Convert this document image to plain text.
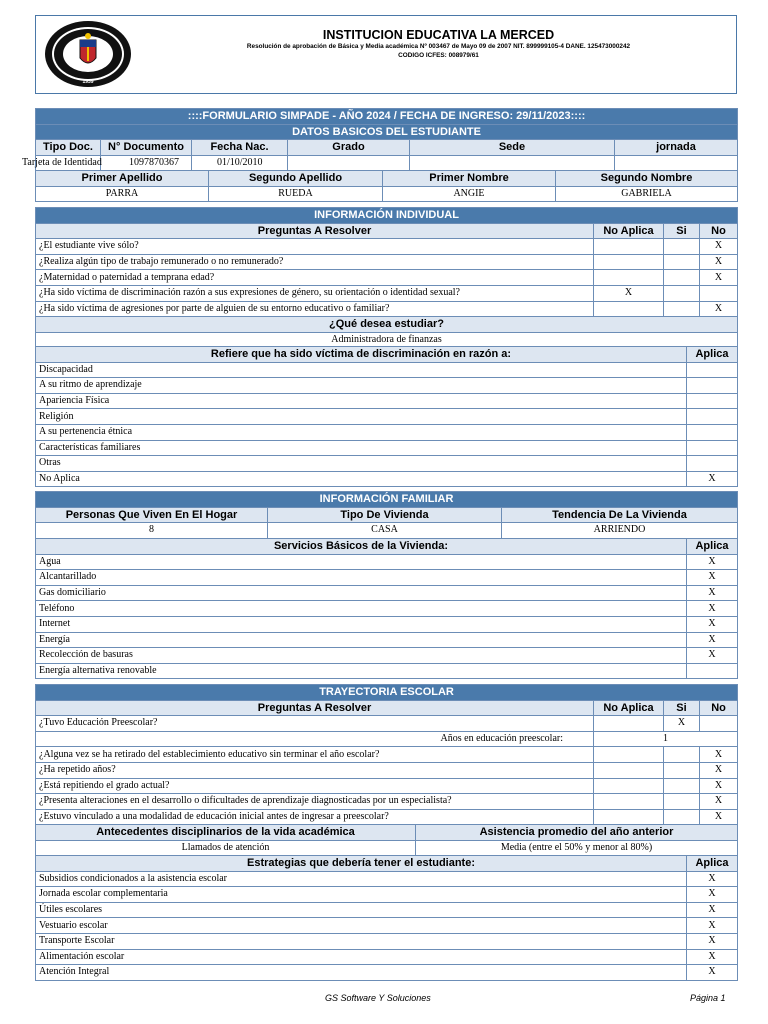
1939
INSTITUCION EDUCATIVA LA MERCED
Resolución de aprobación de Básica y Media académica Nº 003467 de Mayo 09 de 2007 NIT. 899999105-4 DANE. 125473000242
CODIGO ICFES: 008979/61
::::FORMULARIO SIMPADE - AÑO 2024 / FECHA DE INGRESO: 29/11/2023::::					
DATOS BASICOS DEL ESTUDIANTE					
Tipo Doc.	N° Documento	Fecha Nac.	Grado	Sede	jornada
Tarjeta de Identidad	1097870367	01/10/2010			
Primer Apellido	Segundo Apellido	Primer Nombre	Segundo Nombre
PARRA	RUEDA	ANGIE	GABRIELA
INFORMACIÓN INDIVIDUAL			
Preguntas A Resolver	No Aplica	Si	No
¿El estudiante vive sólo?			X
¿Realiza algún tipo de trabajo remunerado o no remunerado?			X
¿Maternidad o paternidad a temprana edad?			X
¿Ha sido víctima de discriminación razón a sus expresiones de género, su orientación o identidad sexual?	X		
¿Ha sido víctima de agresiones por parte de alguien de su entorno educativo o familiar?			X
¿Qué desea estudiar?			
Administradora de finanzas			
Refiere que ha sido víctima de discriminación en razón a:	Aplica
Discapacidad	
A su ritmo de aprendizaje	
Apariencia Física	
Religión	
A su pertenencia étnica	
Características familiares	
Otras	
No Aplica	X
INFORMACIÓN FAMILIAR		
Personas Que Viven En El Hogar	Tipo De Vivienda	Tendencia De La Vivienda
8	CASA	ARRIENDO
Servicios Básicos de la Vivienda:	Aplica
Agua	X
Alcantarillado	X
Gas domiciliario	X
Teléfono	X
Internet	X
Energía	X
Recolección de basuras	X
Energía alternativa renovable	
TRAYECTORIA ESCOLAR			
Preguntas A Resolver	No Aplica	Si	No
¿Tuvo Educación Preescolar?		X	
Años en educación preescolar:	1		
¿Alguna vez se ha retirado del establecimiento educativo sin terminar el año escolar?			X
¿Ha repetido años?			X
¿Está repitiendo el grado actual?			X
¿Presenta alteraciones en el desarrollo o dificultades de aprendizaje diagnosticadas por un especialista?			X
¿Estuvo vinculado a una modalidad de educación inicial antes de ingresar a preescolar?			X
Antecedentes disciplinarios de la vida académica	Asistencia promedio del año anterior
Llamados de atención	Media (entre el 50% y menor al 80%)
Estrategias que debería tener el estudiante:	Aplica
Subsidios condicionados a la asistencia escolar	X
Jornada escolar complementaria	X
Útiles escolares	X
Vestuario escolar	X
Transporte Escolar	X
Alimentación escolar	X
Atención Integral	X
GS Software Y Soluciones	Página 1
